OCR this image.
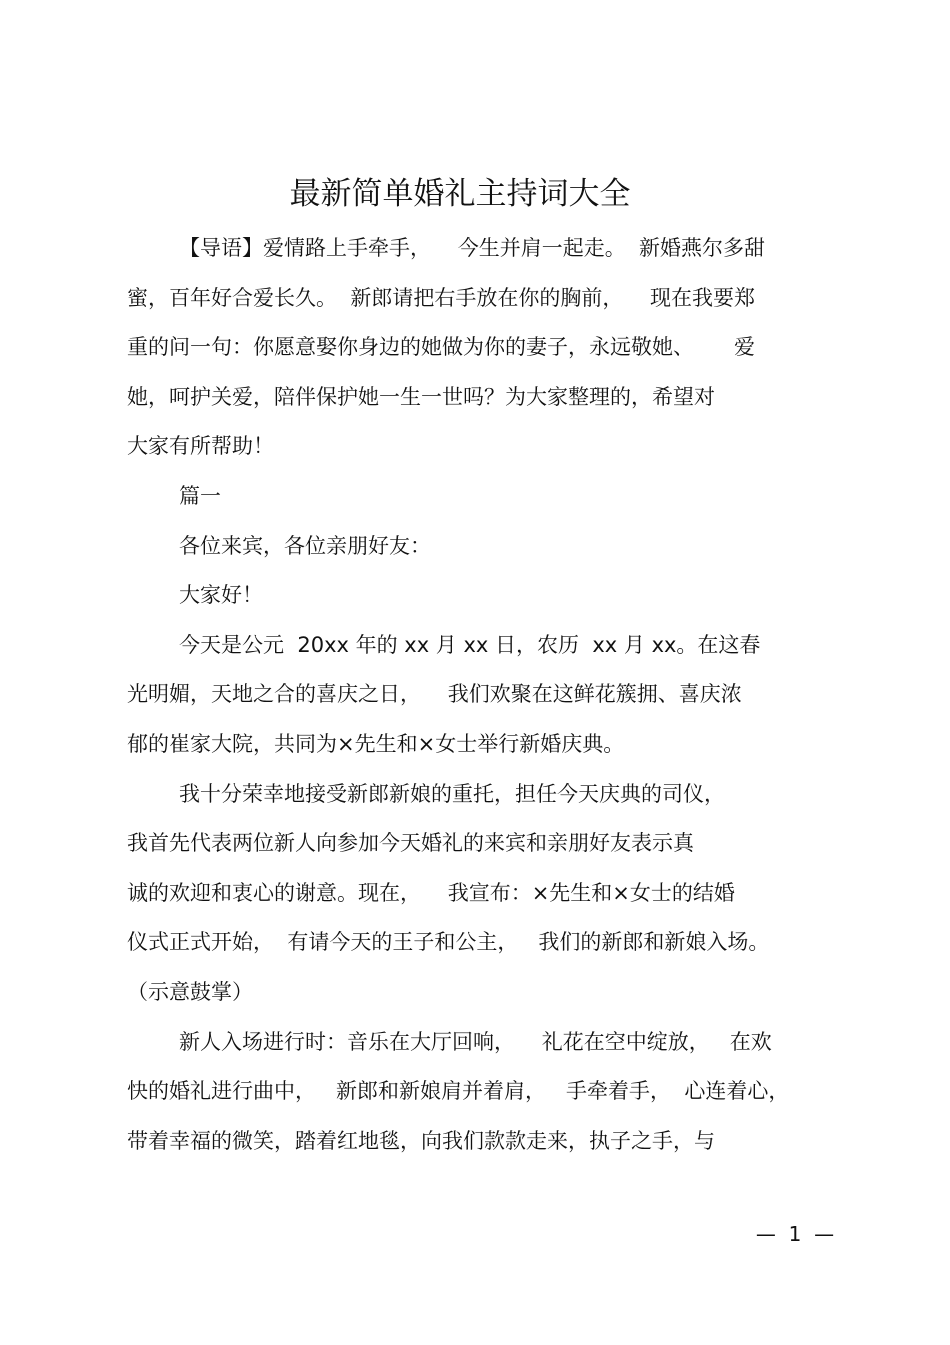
最新简单婚礼主持词大全
【导语】爱情路上手牵手，    今生并肩一起走。  新婚燕尔多甜
蜜，百年好合爱长久。  新郎请把右手放在你的胸前，    现在我要郑
重的问一句：你愿意娶你身边的她做为你的妻子，永远敬她、      爱
她，呵护关爱，陪伴保护她一生一世吗？为大家整理的，希望对
大家有所帮助！
篇一
各位来宾，各位亲朋好友：
大家好！
今天是公元  20xx 年的 xx 月 xx 日，农历  xx 月 xx。在这春
光明媚，天地之合的喜庆之日，    我们欢聚在这鲜花簇拥、喜庆浓
郁的崔家大院，共同为×先生和×女士举行新婚庆典。
我十分荣幸地接受新郎新娘的重托，担任今天庆典的司仪，
我首先代表两位新人向参加今天婚礼的来宾和亲朋好友表示真
诚的欢迎和衷心的谢意。现在，    我宣布：×先生和×女士的结婚
仪式正式开始，  有请今天的王子和公主，   我们的新郎和新娘入场。
（示意鼓掌）
新人入场进行时：音乐在大厅回响，    礼花在空中绽放，   在欢
快的婚礼进行曲中，   新郎和新娘肩并着肩，   手牵着手，  心连着心，
带着幸福的微笑，踏着红地毯，向我们款款走来，执子之手，与
—  1  —
